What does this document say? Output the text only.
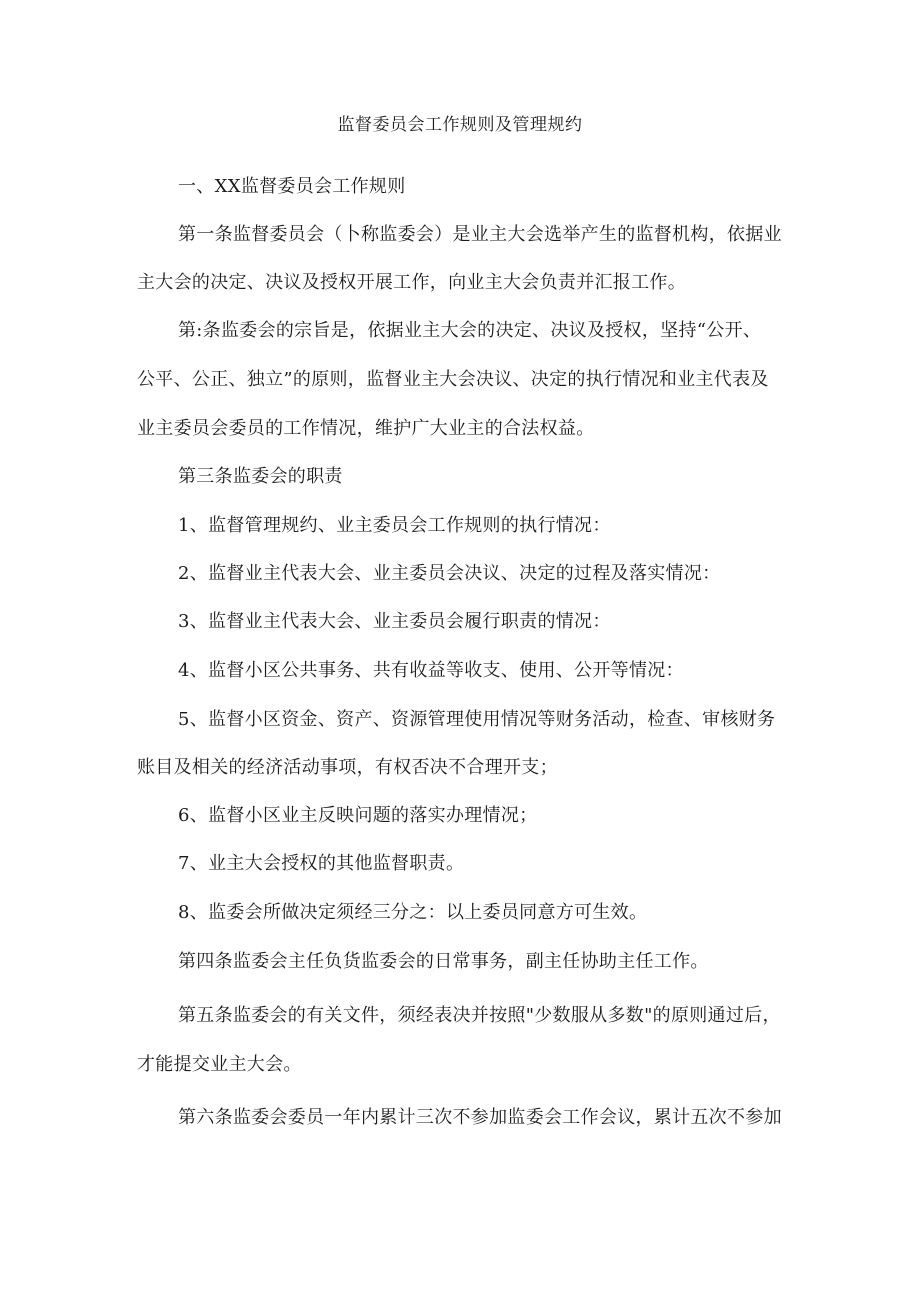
监督委员会工作规则及管理规约
一、XX监督委员会工作规则
第一条监督委员会（卜称监委会）是业主大会选举产生的监督机构，依据业
主大会的决定、决议及授权开展工作，向业主大会负责并汇报工作。
第:条监委会的宗旨是，依据业主大会的决定、决议及授权，坚持“公开、
公平、公正、独立”的原则，监督业主大会决议、决定的执行情况和业主代表及
业主委员会委员的工作情况，维护广大业主的合法权益。
第三条监委会的职责
1、监督管理规约、业主委员会工作规则的执行情况：
2、监督业主代表大会、业主委员会决议、决定的过程及落实情况：
3、监督业主代表大会、业主委员会履行职责的情况：
4、监督小区公共事务、共有收益等收支、使用、公开等情况：
5、监督小区资金、资产、资源管理使用情况等财务活动，检查、审核财务
账目及相关的经济活动事项，有权否决不合理开支；
6、监督小区业主反映问题的落实办理情况；
7、业主大会授权的其他监督职责。
8、监委会所做决定须经三分之：以上委员同意方可生效。
第四条监委会主任负货监委会的日常事务，副主任协助主任工作。
第五条监委会的有关文件，须经表决并按照"少数服从多数"的原则通过后，
才能提交业主大会。
第六条监委会委员一年内累计三次不参加监委会工作会议，累计五次不参加
